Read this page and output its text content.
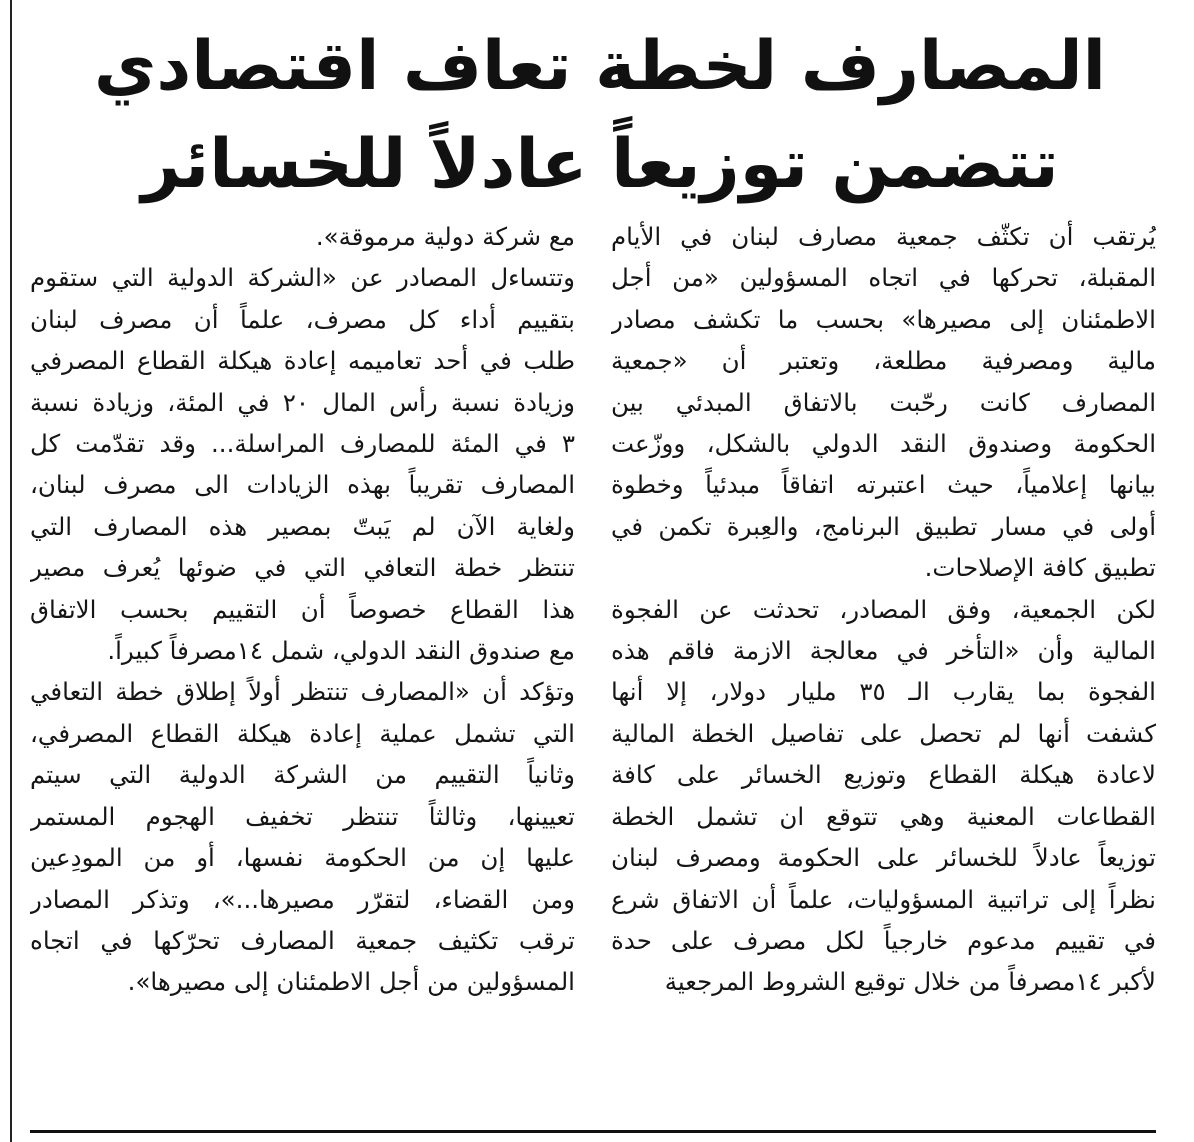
المصارف لخطة تعاف اقتصادي
تتضمن توزيعاً عادلاً للخسائر
يُرتقب أن تكثّف جمعية مصارف لبنان في الأيام
المقبلة، تحركها في اتجاه المسؤولين «من أجل
الاطمئنان إلى مصيرها» بحسب ما تكشف مصادر
مالية ومصرفية مطلعة، وتعتبر أن «جمعية
المصارف كانت رحّبت بالاتفاق المبدئي بين
الحكومة وصندوق النقد الدولي بالشكل، ووزّعت
بيانها إعلامياً، حيث اعتبرته اتفاقاً مبدئياً وخطوة
أولى في مسار تطبيق البرنامج، والعِبرة تكمن في
تطبيق كافة الإصلاحات.
لكن الجمعية، وفق المصادر، تحدثت عن الفجوة
المالية وأن «التأخر في معالجة الازمة فاقم هذه
الفجوة بما يقارب الـ ٣٥ مليار دولار، إلا أنها
كشفت أنها لم تحصل على تفاصيل الخطة المالية
لاعادة هيكلة القطاع وتوزيع الخسائر على كافة
القطاعات المعنية وهي تتوقع ان تشمل الخطة
توزيعاً عادلاً للخسائر على الحكومة ومصرف لبنان
نظراً إلى تراتبية المسؤوليات، علماً أن الاتفاق شرع
في تقييم مدعوم خارجياً لكل مصرف على حدة
لأكبر ١٤مصرفاً من خلال توقيع الشروط المرجعية
مع شركة دولية مرموقة».
وتتساءل المصادر عن «الشركة الدولية التي ستقوم
بتقييم أداء كل مصرف، علماً أن مصرف لبنان
طلب في أحد تعاميمه إعادة هيكلة القطاع المصرفي
وزيادة نسبة رأس المال ٢٠ في المئة، وزيادة نسبة
٣ في المئة للمصارف المراسلة... وقد تقدّمت كل
المصارف تقريباً بهذه الزيادات الى مصرف لبنان،
ولغاية الآن لم يَبتّ بمصير هذه المصارف التي
تنتظر خطة التعافي التي في ضوئها يُعرف مصير
هذا القطاع خصوصاً أن التقييم بحسب الاتفاق
مع صندوق النقد الدولي، شمل ١٤مصرفاً كبيراً.
وتؤكد أن «المصارف تنتظر أولاً إطلاق خطة التعافي
التي تشمل عملية إعادة هيكلة القطاع المصرفي،
وثانياً التقييم من الشركة الدولية التي سيتم
تعيينها، وثالثاً تنتظر تخفيف الهجوم المستمر
عليها إن من الحكومة نفسها، أو من المودِعين
ومن القضاء، لتقرّر مصيرها...»، وتذكر المصادر
ترقب تكثيف جمعية المصارف تحرّكها في اتجاه
المسؤولين من أجل الاطمئنان إلى مصيرها».
